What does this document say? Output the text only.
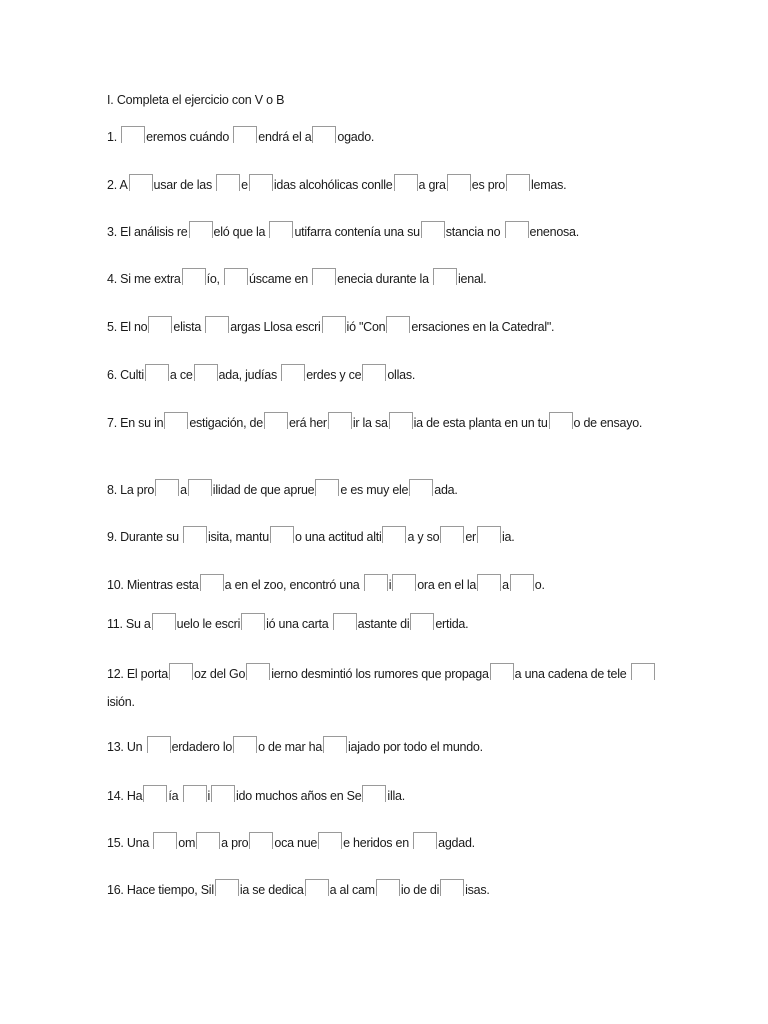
I. Completa el ejercicio con V o B
1. eremos cuándo endrá el a ogado.
2. A usar de las e idas alcohólicas conlle a gra es pro lemas.
3. El análisis re eló que la utifarra contenía una su stancia no enenosa.
4. Si me extra ío, úscame en enecia durante la ienal.
5. El no elista argas Llosa escri ió "Con ersaciones en la Catedral".
6. Culti a ce ada, judías erdes y ce ollas.
7. En su in estigación, de erá her ir la sa ia de esta planta en un tu o de ensayo.
8. La pro a ilidad de que aprue e es muy ele ada.
9. Durante su isita, mantu o una actitud alti a y so er ia.
10. Mientras esta a en el zoo, encontró una i ora en el la a o.
11. Su a uelo le escri ió una carta astante di ertida.
12. El porta oz del Go ierno desmintió los rumores que propaga a una cadena de tele isión.
13. Un erdadero lo o de mar ha iajado por todo el mundo.
14. Ha ía i ido muchos años en Se illa.
15. Una om a pro oca nue e heridos en agdad.
16. Hace tiempo, Sil ia se dedica a al cam io de di isas.
